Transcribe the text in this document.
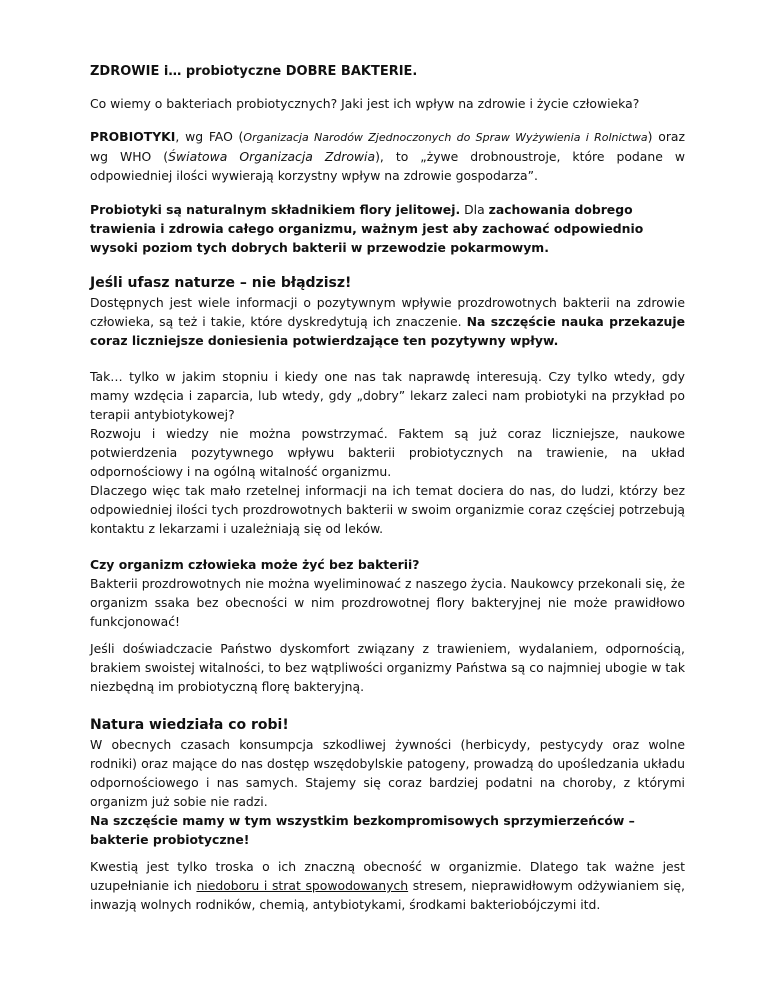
ZDROWIE i… probiotyczne DOBRE BAKTERIE.

Co wiemy o bakteriach probiotycznych? Jaki jest ich wpływ na zdrowie i życie człowieka?

PROBIOTYKI, wg FAO (Organizacja Narodów Zjednoczonych do Spraw Wyżywienia i Rolnictwa) oraz wg WHO (Światowa Organizacja Zdrowia), to „żywe drobnoustroje, które podane w odpowiedniej ilości wywierają korzystny wpływ na zdrowie gospodarza”.

Probiotyki są naturalnym składnikiem flory jelitowej. Dla zachowania dobrego trawienia i zdrowia całego organizmu, ważnym jest aby zachować odpowiednio wysoki poziom tych dobrych bakterii w przewodzie pokarmowym.

Jeśli ufasz naturze – nie błądzisz!

Dostępnych jest wiele informacji o pozytywnym wpływie prozdrowotnych bakterii na zdrowie człowieka, są też i takie, które dyskredytują ich znaczenie. Na szczęście nauka przekazuje coraz liczniejsze doniesienia potwierdzające ten pozytywny wpływ.

Tak… tylko w jakim stopniu i kiedy one nas tak naprawdę interesują. Czy tylko wtedy, gdy mamy wzdęcia i zaparcia, lub wtedy, gdy „dobry” lekarz zaleci nam probiotyki na przykład po terapii antybiotykowej?

Rozwoju i wiedzy nie można powstrzymać. Faktem są już coraz liczniejsze, naukowe potwierdzenia pozytywnego wpływu bakterii probiotycznych na trawienie, na układ odpornościowy i na ogólną witalność organizmu.

Dlaczego więc tak mało rzetelnej informacji na ich temat dociera do nas, do ludzi, którzy bez odpowiedniej ilości tych prozdrowotnych bakterii w swoim organizmie coraz częściej potrzebują kontaktu z lekarzami i uzależniają się od leków.

Czy organizm człowieka może żyć bez bakterii?

Bakterii prozdrowotnych nie można wyeliminować z naszego życia. Naukowcy przekonali się, że organizm ssaka bez obecności w nim prozdrowotnej flory bakteryjnej nie może prawidłowo funkcjonować!

Jeśli doświadczacie Państwo dyskomfort związany z trawieniem, wydalaniem, odpornością, brakiem swoistej witalności, to bez wątpliwości organizmy Państwa są co najmniej ubogie w tak niezbędną im probiotyczną florę bakteryjną.

Natura wiedziała co robi!

W obecnych czasach konsumpcja szkodliwej żywności (herbicydy, pestycydy oraz wolne rodniki) oraz mające do nas dostęp wszędobylskie patogeny, prowadzą do upośledzania układu odpornościowego i nas samych. Stajemy się coraz bardziej podatni na choroby, z którymi organizm już sobie nie radzi.

Na szczęście mamy w tym wszystkim bezkompromisowych sprzymierzeńców – bakterie probiotyczne!

Kwestią jest tylko troska o ich znaczną obecność w organizmie. Dlatego tak ważne jest uzupełnianie ich niedoboru i strat spowodowanych stresem, nieprawidłowym odżywianiem się, inwazją wolnych rodników, chemią, antybiotykami, środkami bakteriobójczymi itd.
